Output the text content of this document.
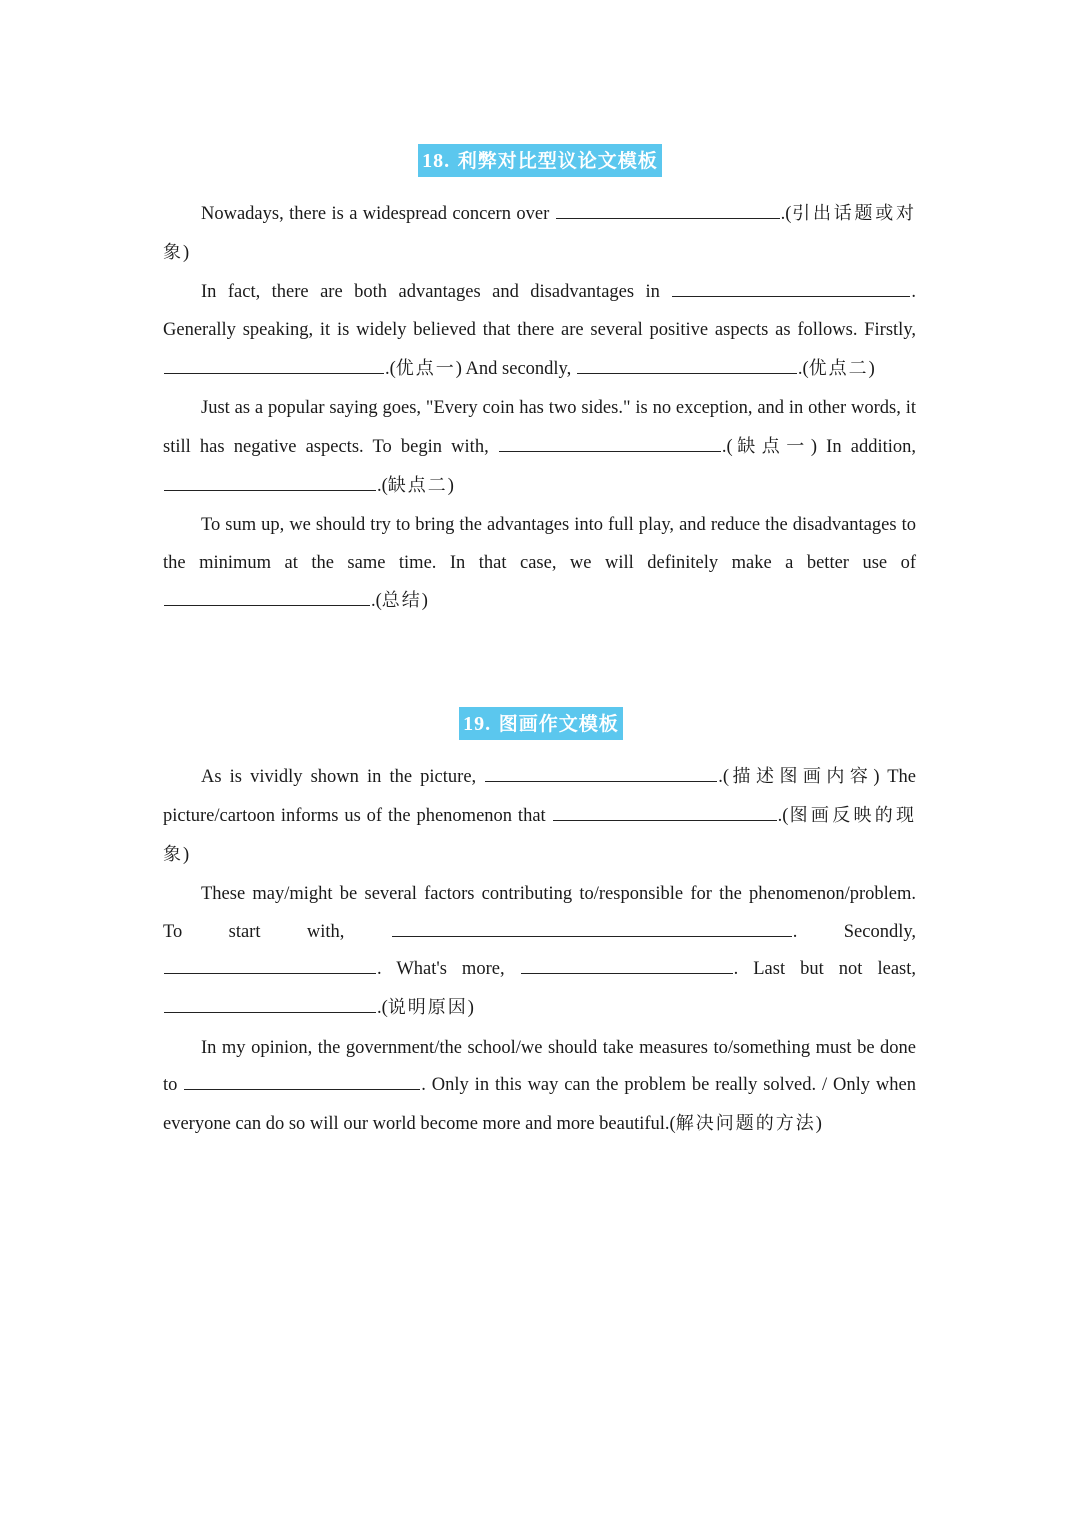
18. 利弊对比型议论文模板

Nowadays, there is a widespread concern over	.(引出话题或对象)

In fact, there are both advantages and disadvantages in	. Generally speaking, it is widely believed that there are several positive aspects as follows. Firstly, .(优点一) And secondly,	.(优点二)

Just as a popular saying goes, "Every coin has two sides." is no exception, and in other words, it still has negative aspects. To begin with,	.(缺点一) In addition, .(缺点二)

To sum up, we should try to bring the advantages into full play, and reduce the disadvantages to the minimum at the same time. In that case, we will definitely make a better use of .(总结)

19. 图画作文模板

As is vividly shown in the picture,	.(描述图画内容) The picture/cartoon informs us of the phenomenon that	.(图画反映的现象)

These may/might be several factors contributing to/responsible for the phenomenon/problem. To start with,	. Secondly, . What's more,	. Last but not least, .(说明原因)

In my opinion, the government/the school/we should take measures to/something must be done to	. Only in this way can the problem be really solved. / Only when everyone can do so will our world become more and more beautiful.(解决问题的方法)
